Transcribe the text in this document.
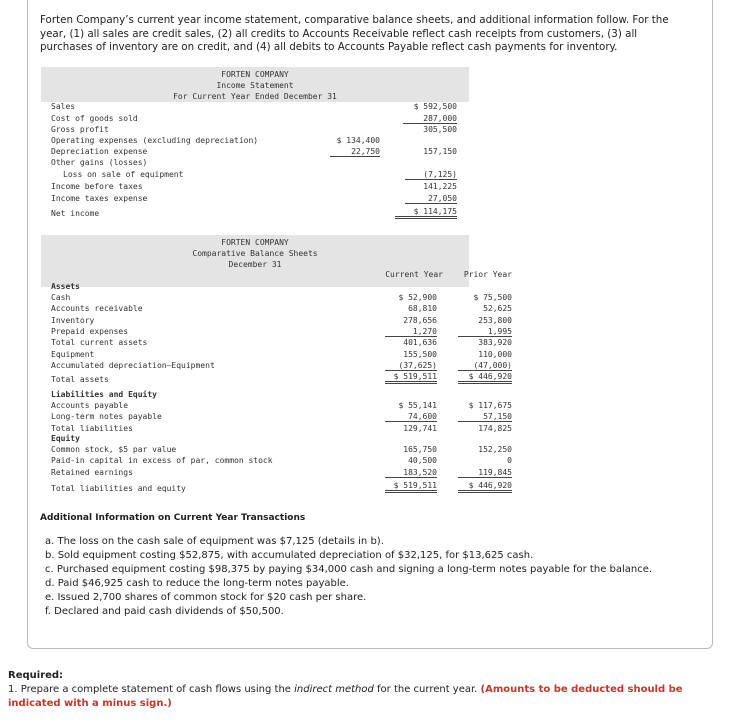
Forten Company’s current year income statement, comparative balance sheets, and additional information follow. For the year, (1) all sales are credit sales, (2) all credits to Accounts Receivable reflect cash receipts from customers, (3) all purchases of inventory are on credit, and (4) all debits to Accounts Payable reflect cash payments for inventory.
FORTEN COMPANY
Income Statement
For Current Year Ended December 31
Sales	$ 592,500
Cost of goods sold	287,000
Gross profit	305,500
Operating expenses (excluding depreciation)	$ 134,400
Depreciation expense	22,750	157,150
Other gains (losses)
Loss on sale of equipment	(7,125)
Income before taxes	141,225
Income taxes expense	27,050
Net income	$ 114,175
FORTEN COMPANY
Comparative Balance Sheets
December 31
Current Year	Prior Year
Assets
Cash	$ 52,900	$ 75,500
Accounts receivable	68,810	52,625
Inventory	278,656	253,800
Prepaid expenses	1,270	1,995
Total current assets	401,636	383,920
Equipment	155,500	110,000
Accumulated depreciation—Equipment	(37,625)	(47,000)
Total assets	$ 519,511	$ 446,920
Liabilities and Equity
Accounts payable	$ 55,141	$ 117,675
Long-term notes payable	74,600	57,150
Total liabilities	129,741	174,825
Equity
Common stock, $5 par value	165,750	152,250
Paid-in capital in excess of par, common stock	40,500	0
Retained earnings	183,520	119,845
Total liabilities and equity	$ 519,511	$ 446,920
Additional Information on Current Year Transactions
a. The loss on the cash sale of equipment was $7,125 (details in b).
b. Sold equipment costing $52,875, with accumulated depreciation of $32,125, for $13,625 cash.
c. Purchased equipment costing $98,375 by paying $34,000 cash and signing a long-term notes payable for the balance.
d. Paid $46,925 cash to reduce the long-term notes payable.
e. Issued 2,700 shares of common stock for $20 cash per share.
f. Declared and paid cash dividends of $50,500.
Required:
1. Prepare a complete statement of cash flows using the indirect method for the current year. (Amounts to be deducted should be indicated with a minus sign.)
